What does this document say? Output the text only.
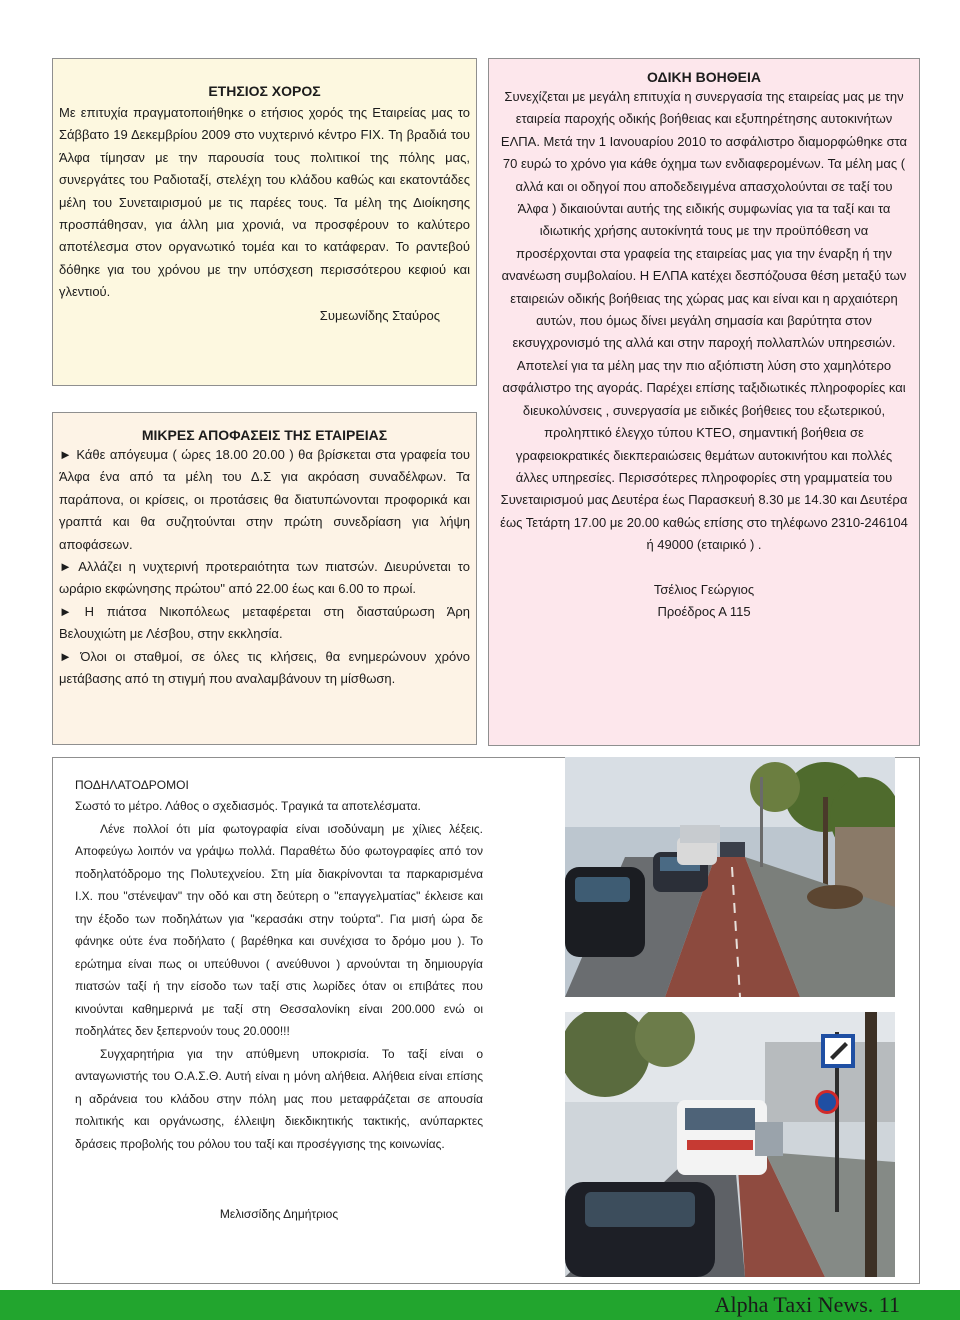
ΕΤΗΣΙΟΣ ΧΟΡΟΣ

Με επιτυχία πραγματοποιήθηκε ο ετήσιος χορός της Εταιρείας μας το Σάββατο 19 Δεκεμβρίου 2009 στο νυχτερινό κέντρο FIX. Τη βραδιά του Άλφα τίμησαν με την παρουσία τους πολιτικοί της πόλης μας, συνεργάτες του Ραδιοταξί, στελέχη του κλάδου καθώς και εκατοντάδες μέλη του Συνεταιρισμού με τις παρέες τους. Τα μέλη της Διοίκησης προσπάθησαν, για άλλη μια χρονιά, να προσφέρουν το καλύτερο αποτέλεσμα στον οργανωτικό τομέα και το κατάφεραν. Το ραντεβού δόθηκε για του χρόνου με την υπόσχεση περισσότερου κεφιού και γλεντιού.

Συμεωνίδης Σταύρος
ΜΙΚΡΕΣ ΑΠΟΦΑΣΕΙΣ ΤΗΣ ΕΤΑΙΡΕΙΑΣ

► Κάθε απόγευμα ( ώρες 18.00 20.00 ) θα βρίσκεται στα γραφεία του Άλφα ένα από τα μέλη του Δ.Σ για ακρόαση συναδέλφων. Τα παράπονα, οι κρίσεις, οι προτάσεις θα διατυπώνονται προφορικά και γραπτά και θα συζητούνται στην πρώτη συνεδρίαση για λήψη αποφάσεων.

► Αλλάζει η νυχτερινή προτεραιότητα των πιατσών. Διευρύνεται το ωράριο εκφώνησης πρώτου" από 22.00 έως και 6.00 το πρωί.

► Η πιάτσα Νικοπόλεως μεταφέρεται στη διασταύρωση Άρη Βελουχιώτη με Λέσβου, στην εκκλησία.

► Όλοι οι σταθμοί, σε όλες τις κλήσεις, θα ενημερώνουν χρόνο μετάβασης από τη στιγμή που αναλαμβάνουν τη μίσθωση.

ΟΔΙΚΗ ΒΟΗΘΕΙΑ

Συνεχίζεται με μεγάλη επιτυχία η συνεργασία της εταιρείας μας με την εταιρεία παροχής οδικής βοήθειας και εξυπηρέτησης αυτοκινήτων ΕΛΠΑ. Μετά την 1 Ιανουαρίου 2010 το ασφάλιστρο διαμορφώθηκε στα 70 ευρώ το χρόνο για κάθε όχημα των ενδιαφερομένων. Τα μέλη μας ( αλλά και οι οδηγοί που αποδεδειγμένα απασχολούνται σε ταξί του Άλφα ) δικαιούνται αυτής της ειδικής συμφωνίας για τα ταξί και τα ιδιωτικής χρήσης αυτοκίνητά τους με την προϋπόθεση να προσέρχονται στα γραφεία της εταιρείας μας για την έναρξη ή την ανανέωση συμβολαίου. Η ΕΛΠΑ κατέχει δεσπόζουσα θέση μεταξύ των εταιρειών οδικής βοήθειας της χώρας μας και είναι και η αρχαιότερη αυτών, που όμως δίνει μεγάλη σημασία και βαρύτητα στον εκσυγχρονισμό της αλλά και στην παροχή πολλαπλών υπηρεσιών. Αποτελεί για τα μέλη μας την πιο αξιόπιστη λύση στο χαμηλότερο ασφάλιστρο της αγοράς. Παρέχει επίσης ταξιδιωτικές πληροφορίες και διευκολύνσεις , συνεργασία με ειδικές βοήθειες του εξωτερικού, προληπτικό έλεγχο τύπου ΚΤΕΟ, σημαντική βοήθεια σε γραφειοκρατικές διεκπεραιώσεις θεμάτων αυτοκινήτου και πολλές άλλες υπηρεσίες. Περισσότερες πληροφορίες στη γραμματεία του Συνεταιρισμού μας Δευτέρα έως Παρασκευή 8.30 με 14.30 και Δευτέρα έως Τετάρτη 17.00 με 20.00 καθώς επίσης στο τηλέφωνο 2310-246104 ή 49000 (εταιρικό ) .

Τσέλιος Γεώργιος
Προέδρος Α 115
ΠΟΔΗΛΑΤΟΔΡΟΜΟΙ

Σωστό το μέτρο. Λάθος ο σχεδιασμός. Τραγικά τα αποτελέσματα.

Λένε πολλοί ότι μία φωτογραφία είναι ισοδύναμη με χίλιες λέξεις. Αποφεύγω λοιπόν να γράψω πολλά. Παραθέτω δύο φωτογραφίες από τον ποδηλατόδρομο της Πολυτεχνείου. Στη μία διακρίνονται τα παρκαρισμένα Ι.Χ. που "στένεψαν" την οδό και στη δεύτερη ο "επαγγελματίας" έκλεισε και την έξοδο των ποδηλάτων για "κερασάκι στην τούρτα". Για μισή ώρα δε φάνηκε ούτε ένα ποδήλατο ( βαρέθηκα και συνέχισα το δρόμο μου ). Το ερώτημα είναι πως οι υπεύθυνοι ( ανεύθυνοι ) αρνούνται τη δημιουργία πιατσών ταξί ή την είσοδο των ταξί στις λωρίδες όταν οι επιβάτες που κινούνται καθημερινά με ταξί στη Θεσσαλονίκη είναι 200.000 ενώ οι ποδηλάτες δεν ξεπερνούν τους 20.000!!!

Συγχαρητήρια για την απύθμενη υποκρισία. Το ταξί είναι ο ανταγωνιστής του Ο.Α.Σ.Θ. Αυτή είναι η μόνη αλήθεια. Αλήθεια είναι επίσης η αδράνεια του κλάδου στην πόλη μας που μεταφράζεται σε απουσία πολιτικής και οργάνωσης, έλλειψη διεκδικητικής τακτικής, ανύπαρκτες δράσεις προβολής του ρόλου του ταξί και προσέγγισης της κοινωνίας.

Μελισσίδης Δημήτριος
Alpha Taxi News. 11
